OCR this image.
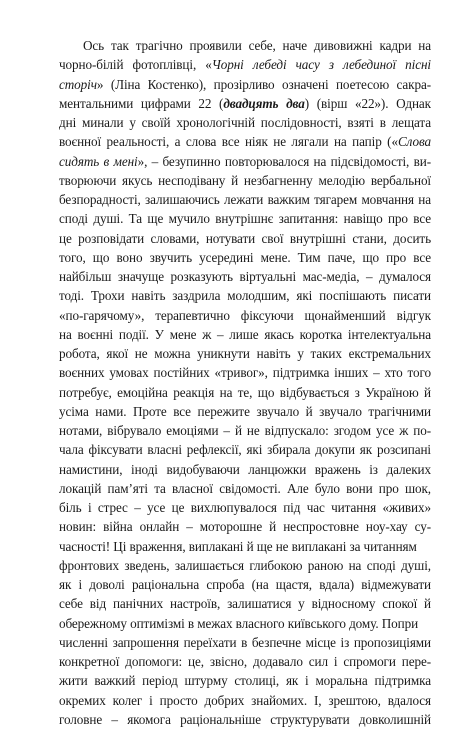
Ось так трагічно проявили себе, наче дивовижні кадри на
чорно-білій фотоплівці, «Чорні лебеді часу з лебединої пісні
сторіч» (Ліна Костенко), прозірливо означені поетесою сакра-
ментальними цифрами 22 (двадцять два) (вірш «22»). Однак
дні минали у своїй хронологічній послідовності, взяті в лещата
воєнної реальності, а слова все ніяк не лягали на папір («Слова
сидять в мені», – безупинно повторювалося на підсвідомості, ви-
творюючи якусь несподівану й незбагненну мелодію вербальної
безпорадності, залишаючись лежати важким тягарем мовчання на
споді душі. Та ще мучило внутрішнє запитання: навіщо про все
це розповідати словами, нотувати свої внутрішні стани, досить
того, що воно звучить усередині мене. Тим паче, що про все
найбільш значуще розказують віртуальні мас-медіа, – думалося
тоді. Трохи навіть заздрила молодшим, які поспішають писати
«по-гарячому», терапевтично фіксуючи щонайменший відгук
на воєнні події. У мене ж – лише якась коротка інтелектуальна
робота, якої не можна уникнути навіть у таких екстремальних
воєнних умовах постійних «тривог», підтримка інших – хто того
потребує, емоційна реакція на те, що відбувається з Україною й
усіма нами. Проте все пережите звучало й звучало трагічними
нотами, вібрувало емоціями – й не відпускало: згодом усе ж по-
чала фіксувати власні рефлексії, які збирала докупи як розсипані
намистини, іноді видобуваючи ланцюжки вражень із далеких
локацій пам’яті та власної свідомості. Але було вони про шок,
біль і стрес – усе це вихлюпувалося під час читання «живих»
новин: війна онлайн – моторошне й неспростовне ноу-хау су-
часності! Ці враження, виплакані й ще не виплакані за читанням
фронтових зведень, залишається глибокою раною на споді душі,
як і доволі раціональна спроба (на щастя, вдала) відмежувати
себе від панічних настроїв, залишатися у відносному спокої й
обережному оптимізмі в межах власного київського дому. Попри
численні запрошення переїхати в безпечне місце із пропозиціями
конкретної допомоги: це, звісно, додавало сил і спромоги пере-
жити важкий період штурму столиці, як і моральна підтримка
окремих колег і просто добрих знайомих. І, зрештою, вдалося
головне – якомога раціональніше структурувати довколишній
